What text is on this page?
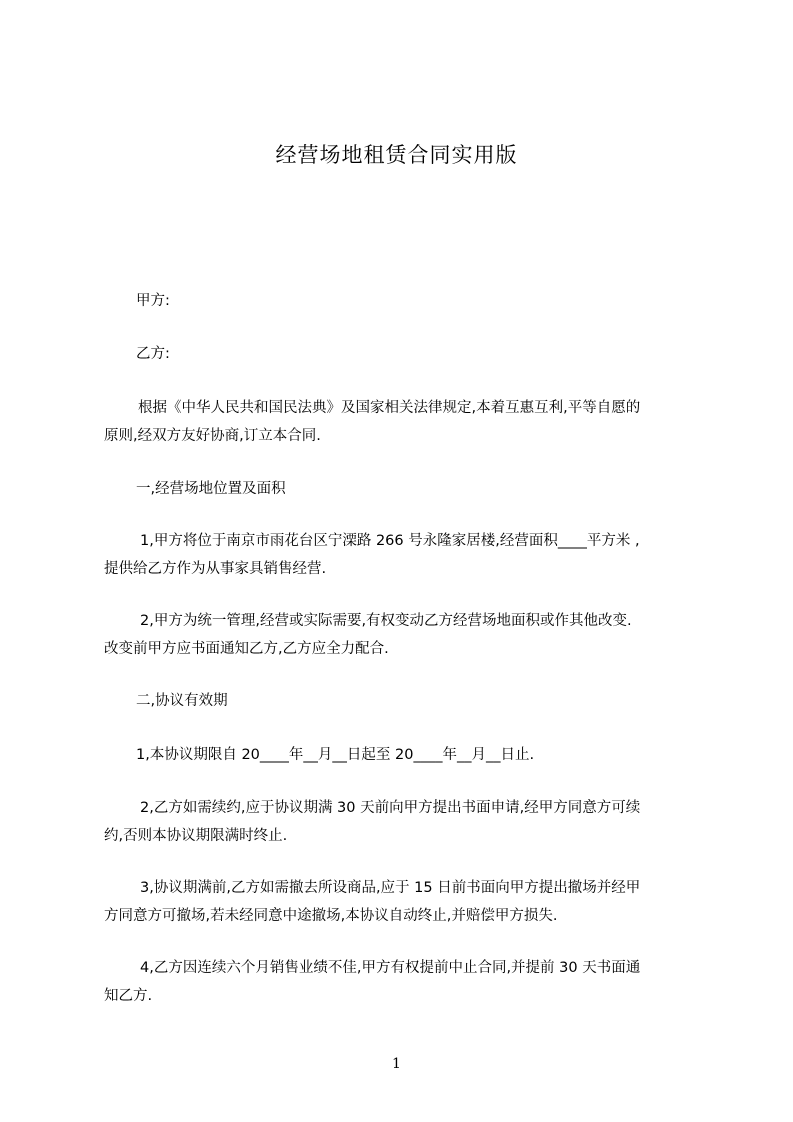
经营场地租赁合同实用版
甲方:
乙方:
根据《中华人民共和国民法典》及国家相关法律规定,本着互惠互利,平等自愿的
原则,经双方友好协商,订立本合同.
一,经营场地位置及面积
1,甲方将位于南京市雨花台区宁溧路 266 号永隆家居楼,经营面积____平方米 ,
提供给乙方作为从事家具销售经营.
2,甲方为统一管理,经营或实际需要,有权变动乙方经营场地面积或作其他改变.
改变前甲方应书面通知乙方,乙方应全力配合.
二,协议有效期
1,本协议期限自 20____年__月__日起至 20____年__月__日止.
2,乙方如需续约,应于协议期满 30 天前向甲方提出书面申请,经甲方同意方可续
约,否则本协议期限满时终止.
3,协议期满前,乙方如需撤去所设商品,应于 15 日前书面向甲方提出撤场并经甲
方同意方可撤场,若未经同意中途撤场,本协议自动终止,并赔偿甲方损失.
4,乙方因连续六个月销售业绩不佳,甲方有权提前中止合同,并提前 30 天书面通
知乙方.
1
